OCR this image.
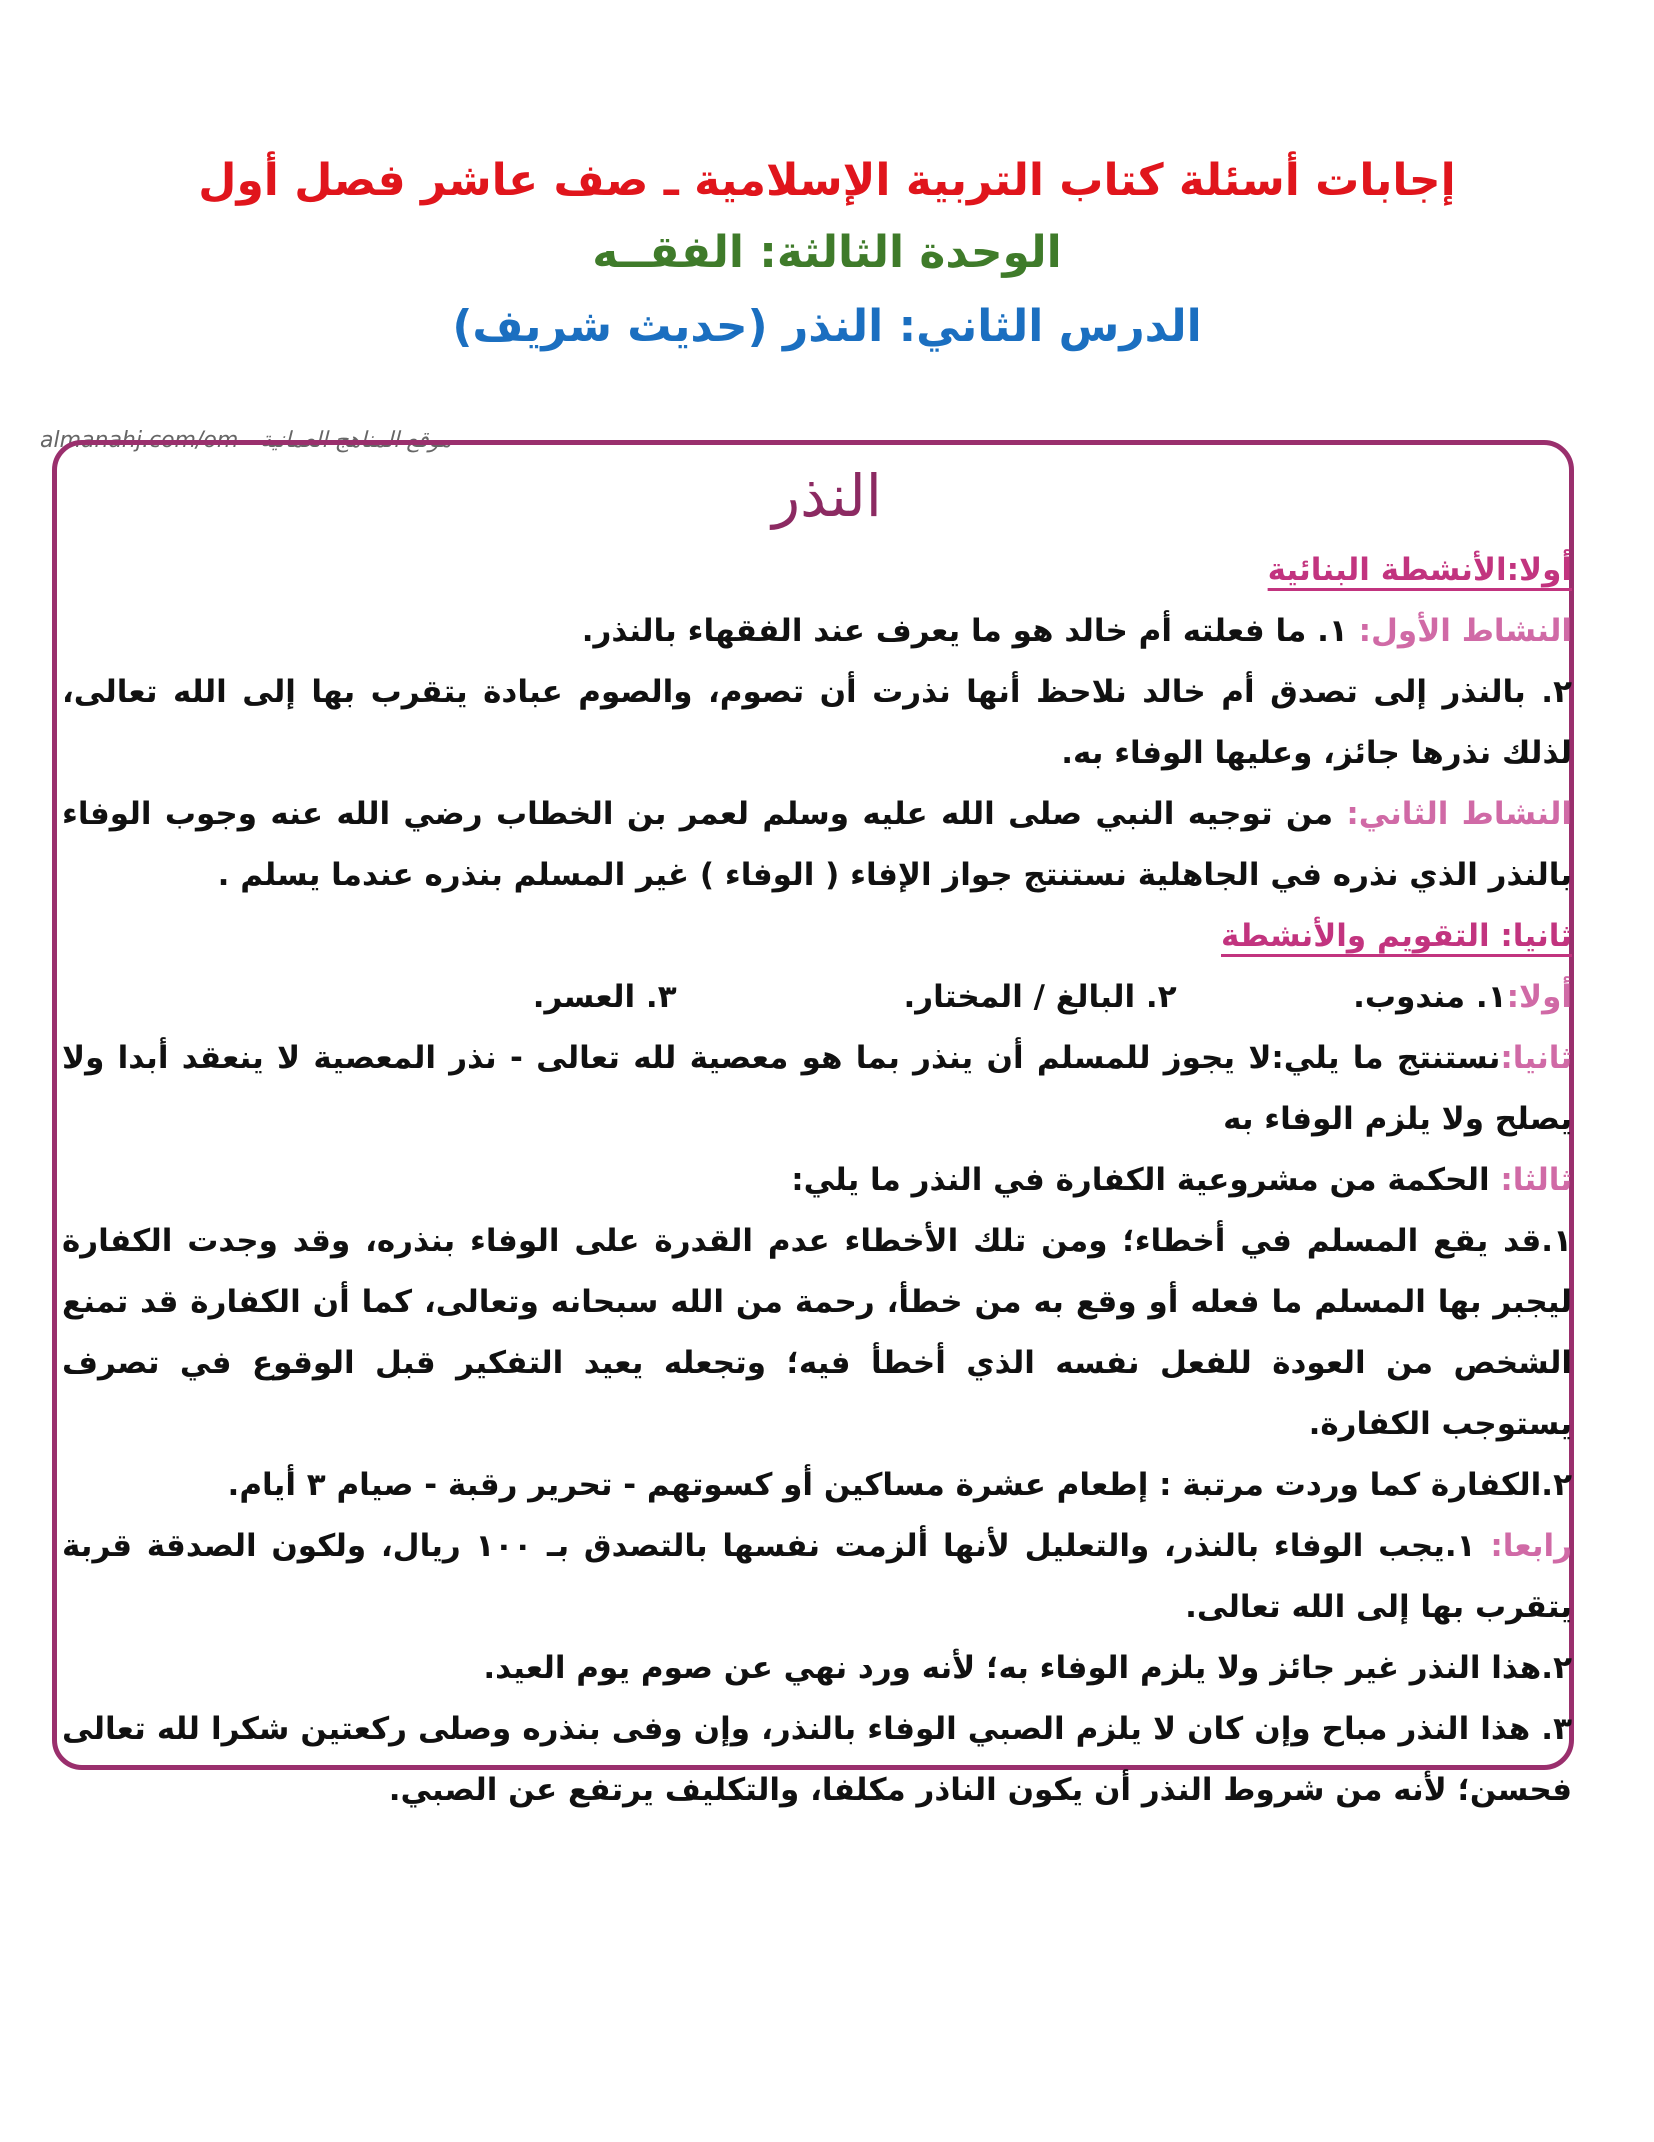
إجابات أسئلة كتاب التربية الإسلامية ـ صف عاشر فصل أول
الوحدة الثالثة: الفقــه
الدرس الثاني: النذر (حديث شريف)
almanahj.com/om - موقع المناهج العمانية
النذر

أولا:الأنشطة البنائية

النشاط الأول: ١. ما فعلته أم خالد هو ما يعرف عند الفقهاء بالنذر.

٢. بالنذر إلى تصدق أم خالد نلاحظ أنها نذرت أن تصوم، والصوم عبادة يتقرب بها إلى الله تعالى، لذلك نذرها جائز، وعليها الوفاء به.

النشاط الثاني: من توجيه النبي صلى الله عليه وسلم لعمر بن الخطاب رضي الله عنه وجوب الوفاء بالنذر الذي نذره في الجاهلية نستنتج جواز الإفاء ( الوفاء ) غير المسلم بنذره عندما يسلم .

ثانيا: التقويم والأنشطة

أولا:
١. مندوب.
٢. البالغ / المختار.
٣. العسر.

ثانيا:نستنتج ما يلي:لا يجوز للمسلم أن ينذر بما هو معصية لله تعالى - نذر المعصية لا ينعقد أبدا ولا يصلح ولا يلزم الوفاء به

ثالثا: الحكمة من مشروعية الكفارة في النذر ما يلي:

١.قد يقع المسلم في أخطاء؛ ومن تلك الأخطاء عدم القدرة على الوفاء بنذره، وقد وجدت الكفارة ليجبر بها المسلم ما فعله أو وقع به من خطأ، رحمة من الله سبحانه وتعالى، كما أن الكفارة قد تمنع الشخص من العودة للفعل نفسه الذي أخطأ فيه؛ وتجعله يعيد التفكير قبل الوقوع في تصرف يستوجب الكفارة.

٢.الكفارة كما وردت مرتبة : إطعام عشرة مساكين أو كسوتهم - تحرير رقبة - صيام ٣ أيام.

رابعا: ١.يجب الوفاء بالنذر، والتعليل لأنها ألزمت نفسها بالتصدق بـ ١٠٠ ريال، ولكون الصدقة قربة يتقرب بها إلى الله تعالى.

٢.هذا النذر غير جائز ولا يلزم الوفاء به؛ لأنه ورد نهي عن صوم يوم العيد.

٣. هذا النذر مباح وإن كان لا يلزم الصبي الوفاء بالنذر، وإن وفى بنذره وصلى ركعتين شكرا لله تعالى فحسن؛ لأنه من شروط النذر أن يكون الناذر مكلفا، والتكليف يرتفع عن الصبي.
